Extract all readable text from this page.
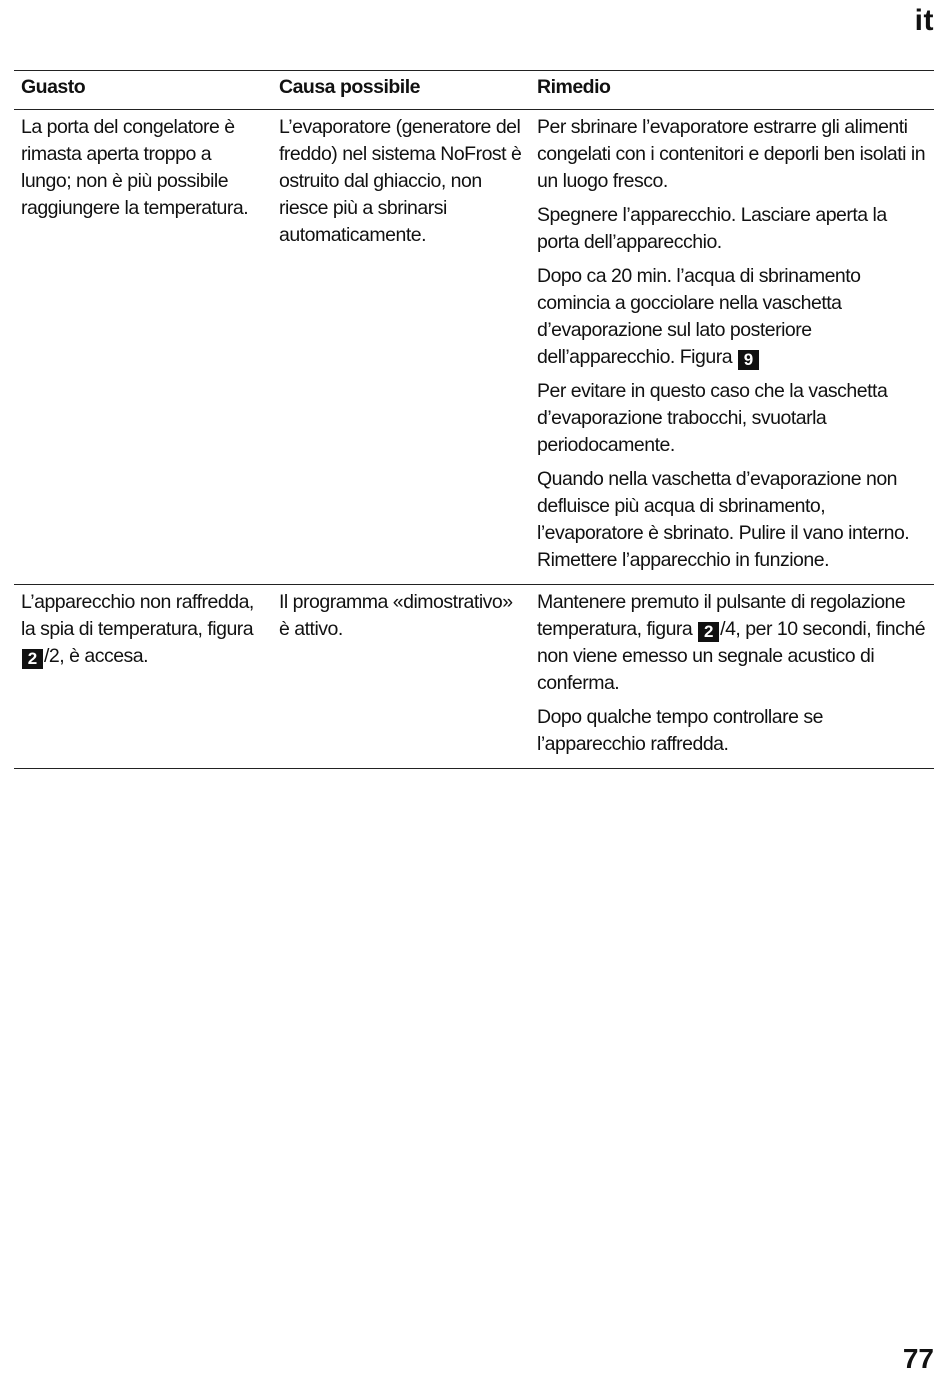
it
Guasto	Causa possibile	Rimedio

La porta del congelatore è rimasta aperta troppo a lungo; non è più possibile raggiungere la temperatura.	L’evaporatore (generatore del freddo) nel sistema NoFrost è ostruito dal ghiaccio, non riesce più a sbrinarsi automaticamente.	Per sbrinare l’evaporatore estrarre gli alimenti congelati con i contenitori e deporli ben isolati in un luogo fresco.

Spegnere l’apparecchio. Lasciare aperta la porta dell’apparecchio.

Dopo ca 20 min. l’acqua di sbrinamento comincia a gocciolare nella vaschetta d’evaporazione sul lato posteriore dell’apparecchio. Figura 9

Per evitare in questo caso che la vaschetta d’evaporazione trabocchi, svuotarla periodocamente.

Quando nella vaschetta d’evaporazione non defluisce più acqua di sbrinamento, l’evaporatore è sbrinato. Pulire il vano interno. Rimettere l’apparecchio in funzione.

L’apparecchio non raffredda, la spia di temperatura, figura 2 /2, è accesa.	Il programma «dimostrativo» è attivo.	Mantenere premuto il pulsante di regolazione temperatura, figura 2 /4, per 10 secondi, finché non viene emesso un segnale acustico di conferma.

Dopo qualche tempo controllare se l’apparecchio raffredda.

77
